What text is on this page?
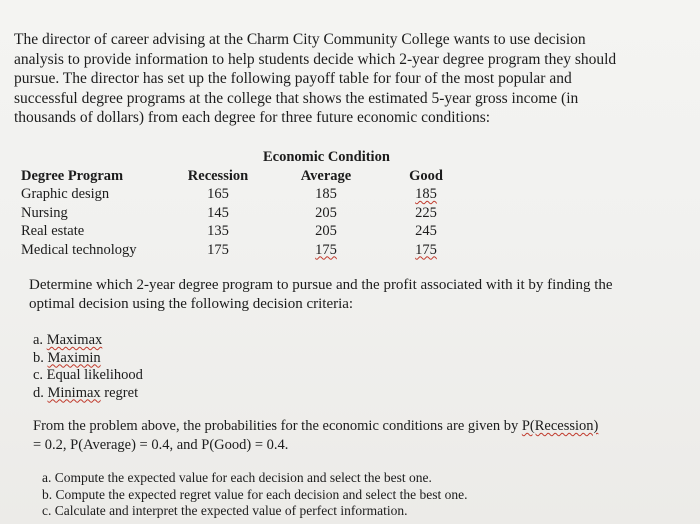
The director of career advising at the Charm City Community College wants to use decision
analysis to provide information to help students decide which 2-year degree program they should
pursue. The director has set up the following payoff table for four of the most popular and
successful degree programs at the college that shows the estimated 5-year gross income (in
thousands of dollars) from each degree for three future economic conditions:
Economic Condition
Degree Program	Recession	Average	Good
Graphic design	165	185	185
Nursing	145	205	225
Real estate	135	205	245
Medical technology	175	175	175
Determine which 2-year degree program to pursue and the profit associated with it by finding the
optimal decision using the following decision criteria:
a. Maximax
b. Maximin
c. Equal likelihood
d. Minimax regret
From the problem above, the probabilities for the economic conditions are given by P(Recession)
= 0.2, P(Average) = 0.4, and P(Good) = 0.4.
a. Compute the expected value for each decision and select the best one.
b. Compute the expected regret value for each decision and select the best one.
c. Calculate and interpret the expected value of perfect information.
